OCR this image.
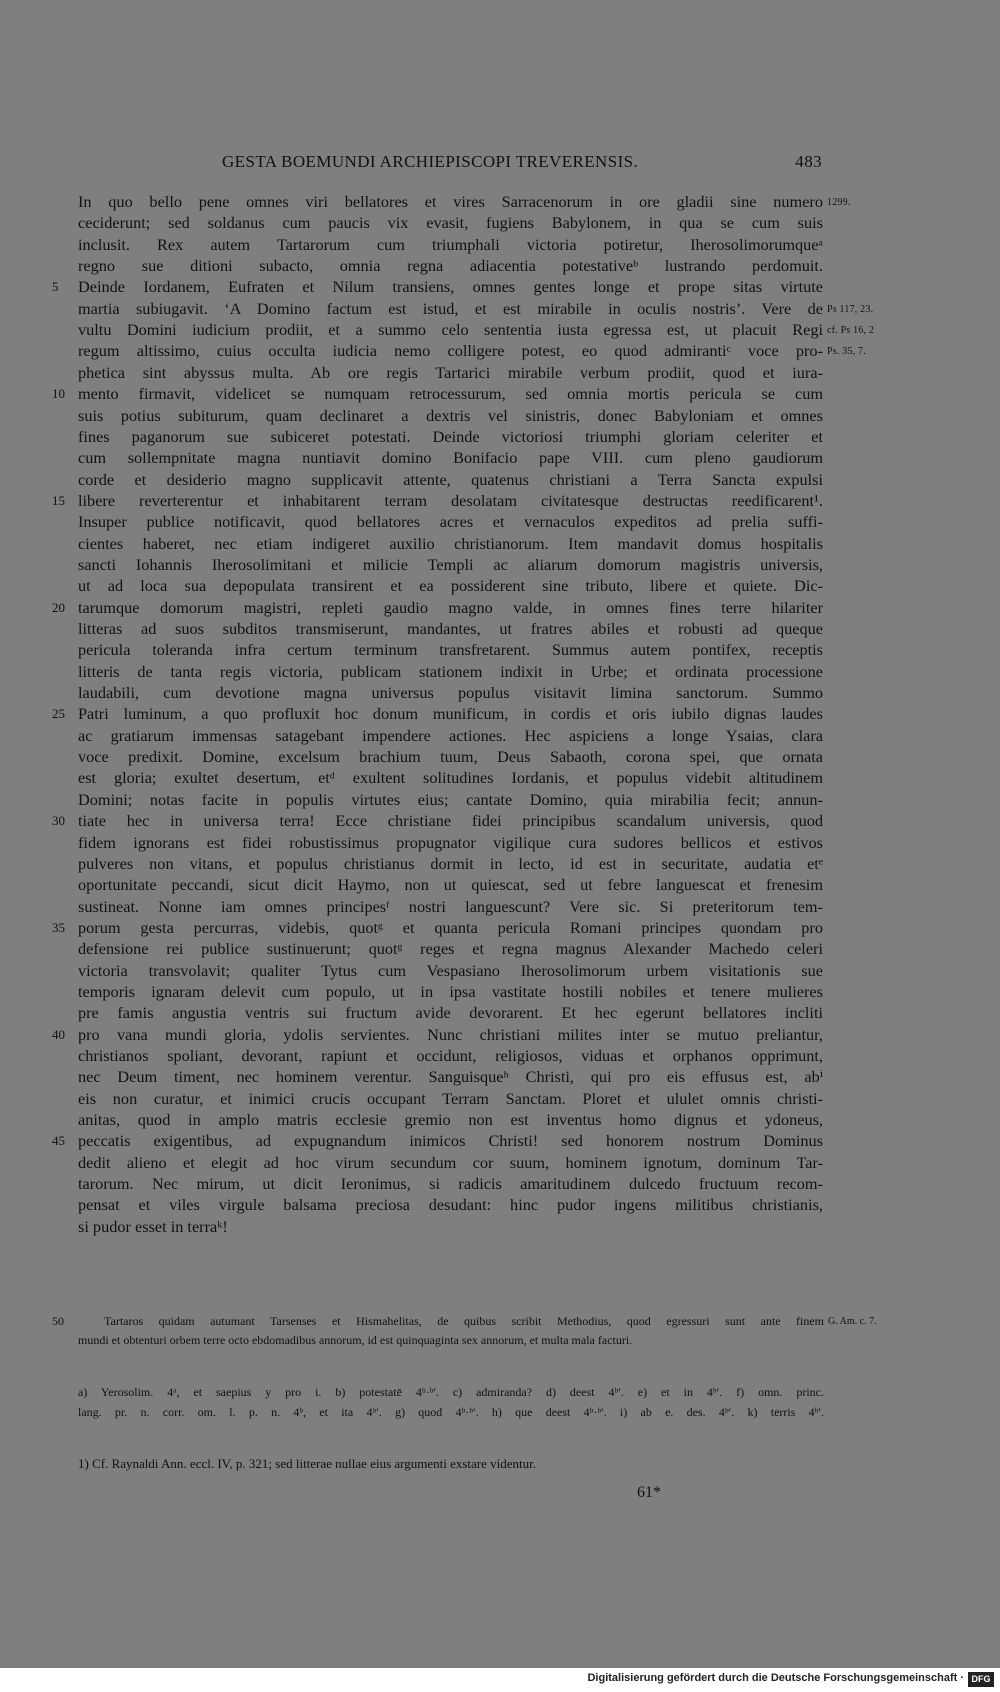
GESTA BOEMUNDI ARCHIEPISCOPI TREVERENSIS.	483
In quo bello pene omnes viri bellatores et vires Sarracenorum in ore gladii sine numero 1299.
ceciderunt; sed soldanus cum paucis vix evasit, fugiens Babylonem, in qua se cum suis
inclusit. Rex autem Tartarorum cum triumphali victoria potiretur, Iherosolimorumqueᵃ
regno sue ditioni subacto, omnia regna adiacentia potestativeᵇ lustrando perdomuit.
5	Deinde Iordanem, Eufraten et Nilum transiens, omnes gentes longe et prope sitas virtute
martia subiugavit. ‘A Domino factum est istud, et est mirabile in oculis nostris’. Vere de Ps 117, 23.
vultu Domini iudicium prodiit, et a summo celo sententia iusta egressa est, ut placuit Regi cf. Ps 16, 2
regum altissimo, cuius occulta iudicia nemo colligere potest, eo quod admirantiᶜ voce pro- Ps. 35, 7.
phetica sint abyssus multa. Ab ore regis Tartarici mirabile verbum prodiit, quod et iura-
10 mento firmavit, videlicet se numquam retrocessurum, sed omnia mortis pericula se cum
suis potius subiturum, quam declinaret a dextris vel sinistris, donec Babyloniam et omnes
fines paganorum sue subiceret potestati. Deinde victoriosi triumphi gloriam celeriter et
cum sollempnitate magna nuntiavit domino Bonifacio pape VIII. cum pleno gaudiorum
corde et desiderio magno supplicavit attente, quatenus christiani a Terra Sancta expulsi
15 libere reverterentur et inhabitarent terram desolatam civitatesque destructas reedificarent¹.
Insuper publice notificavit, quod bellatores acres et vernaculos expeditos ad prelia suffi-
cientes haberet, nec etiam indigeret auxilio christianorum. Item mandavit domus hospitalis
sancti Iohannis Iherosolimitani et milicie Templi ac aliarum domorum magistris universis,
ut ad loca sua depopulata transirent et ea possiderent sine tributo, libere et quiete. Dic-
20 tarumque domorum magistri, repleti gaudio magno valde, in omnes fines terre hilariter
litteras ad suos subditos transmiserunt, mandantes, ut fratres abiles et robusti ad queque
pericula toleranda infra certum terminum transfretarent. Summus autem pontifex, receptis
litteris de tanta regis victoria, publicam stationem indixit in Urbe; et ordinata processione
laudabili, cum devotione magna universus populus visitavit limina sanctorum. Summo
25 Patri luminum, a quo profluxit hoc donum munificum, in cordis et oris iubilo dignas laudes
ac gratiarum immensas satagebant impendere actiones. Hec aspiciens a longe Ysaias, clara
voce predixit. Domine, excelsum brachium tuum, Deus Sabaoth, corona spei, que ornata
est gloria; exultet desertum, etᵈ exultent solitudines Iordanis, et populus videbit altitudinem
Domini; notas facite in populis virtutes eius; cantate Domino, quia mirabilia fecit; annun-
30 tiate hec in universa terra! Ecce christiane fidei principibus scandalum universis, quod
fidem ignorans est fidei robustissimus propugnator vigilique cura sudores bellicos et estivos
pulveres non vitans, et populus christianus dormit in lecto, id est in securitate, audatia etᵉ
oportunitate peccandi, sicut dicit Haymo, non ut quiescat, sed ut febre languescat et frenesim
sustineat. Nonne iam omnes principesᶠ nostri languescunt? Vere sic. Si preteritorum tem-
35 porum gesta percurras, videbis, quotᵍ et quanta pericula Romani principes quondam pro
defensione rei publice sustinuerunt; quotᵍ reges et regna magnus Alexander Machedo celeri
victoria transvolavit; qualiter Tytus cum Vespasiano Iherosolimorum urbem visitationis sue
temporis ignaram delevit cum populo, ut in ipsa vastitate hostili nobiles et tenere mulieres
pre famis angustia ventris sui fructum avide devorarent. Et hec egerunt bellatores incliti
40 pro vana mundi gloria, ydolis servientes. Nunc christiani milites inter se mutuo preliantur,
christianos spoliant, devorant, rapiunt et occidunt, religiosos, viduas et orphanos opprimunt,
nec Deum timent, nec hominem verentur. Sanguisqueʰ Christi, qui pro eis effusus est, abⁱ
eis non curatur, et inimici crucis occupant Terram Sanctam. Ploret et ululet omnis christi-
anitas, quod in amplo matris ecclesie gremio non est inventus homo dignus et ydoneus,
45 peccatis exigentibus, ad expugnandum inimicos Christi! sed honorem nostrum Dominus
dedit alieno et elegit ad hoc virum secundum cor suum, hominem ignotum, dominum Tar-
tarorum. Nec mirum, ut dicit Ieronimus, si radicis amaritudinem dulcedo fructuum recom-
pensat et viles virgule balsama preciosa desudant: hinc pudor ingens militibus christianis,
si pudor esset in terraᵏ!
50	Tartaros quidam autumant Tarsenses et Hismahelitas, de quibus scribit Methodius, quod egressuri sunt ante finem G. Am. c. 7.
mundi et obtenturi orbem terre octo ebdomadibus annorum, id est quinquaginta sex annorum, et multa mala facturi.
a) Yerosolim. 4ᵃ, et saepius y pro i. b) potestatē 4ᵇ·ᵇ′. c) admiranda? d) deest 4ᵇ′. e) et in 4ᵇ′. f) omn. princ.
lang. pr. n. corr. om. l. p. n. 4ᵇ, et ita 4ᵇ′. g) quod 4ᵇ·ᵇ′. h) que deest 4ᵇ·ᵇ′. i) ab e. des. 4ᵇ′. k) terris 4ᵇ′.
1) Cf. Raynaldi Ann. eccl. IV, p. 321; sed litterae nullae eius argumenti exstare videntur.
61*
Digitalisierung gefördert durch die Deutsche Forschungsgemeinschaft · DFG
